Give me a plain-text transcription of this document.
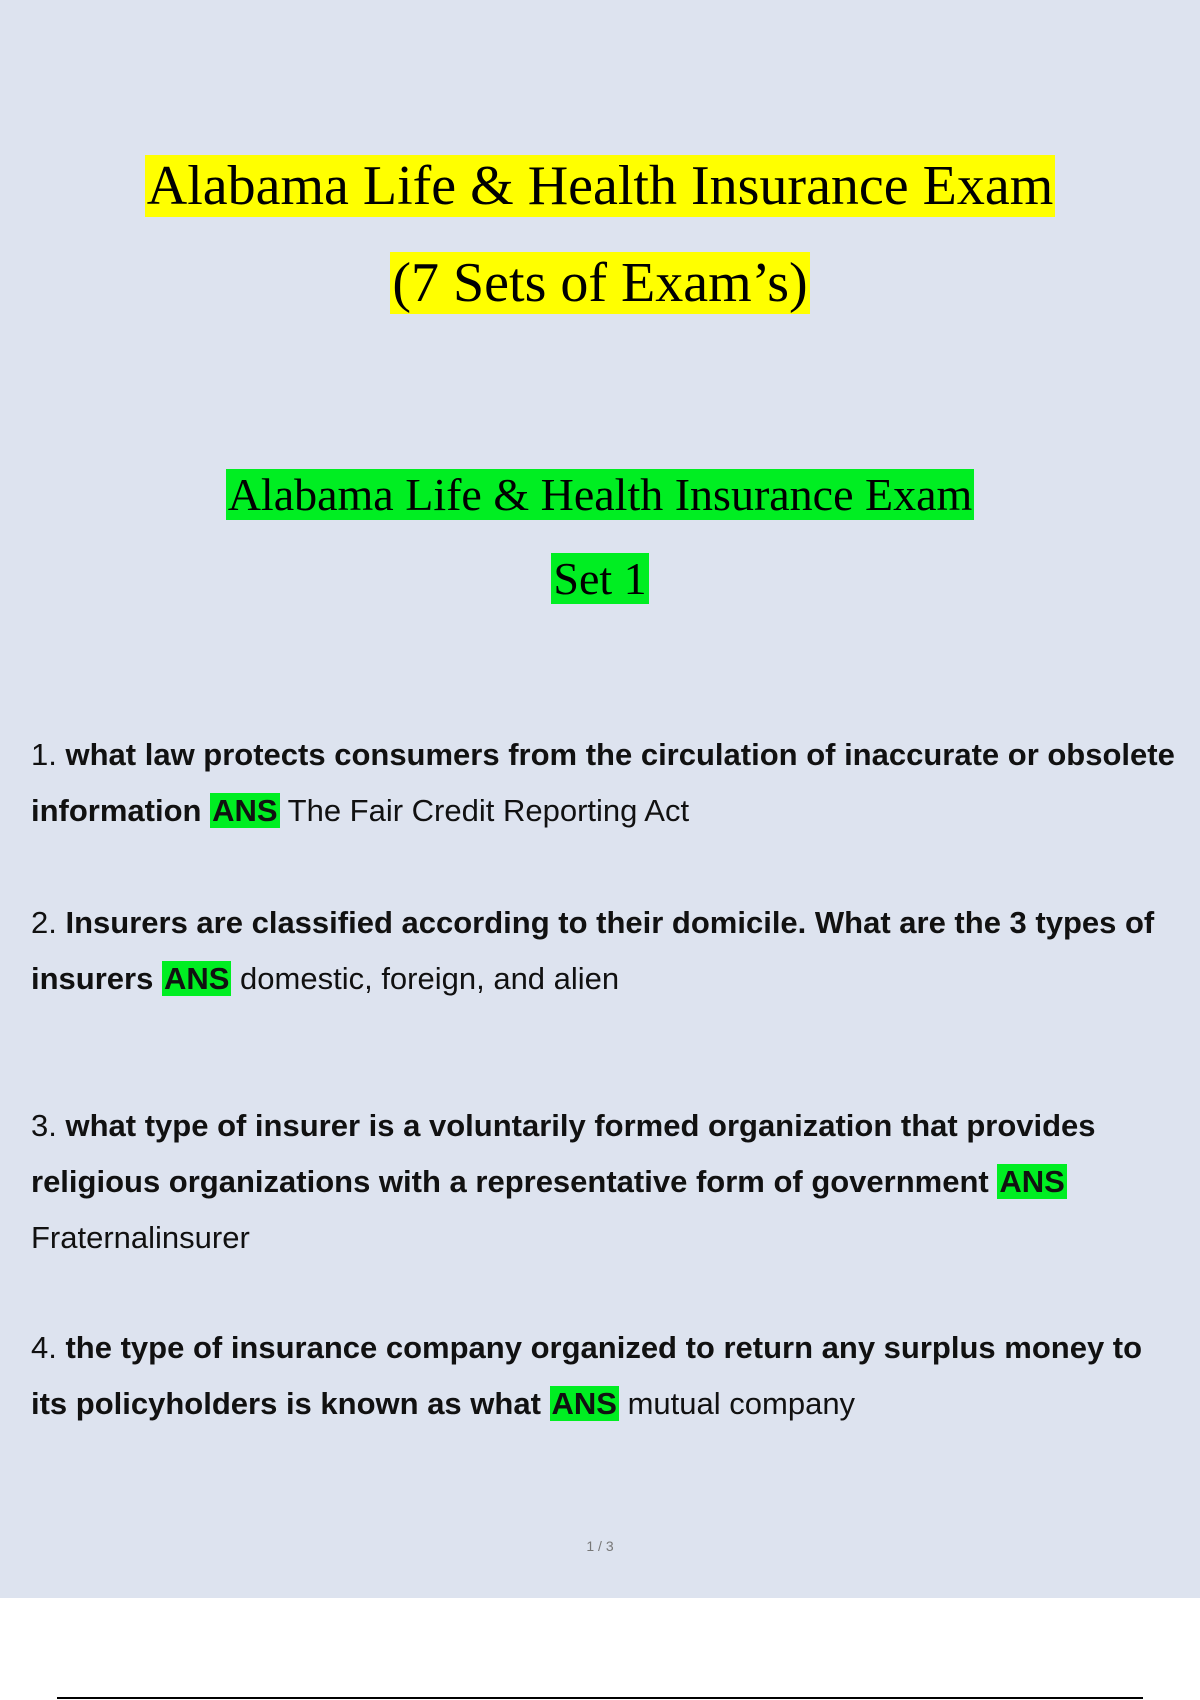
Alabama Life & Health Insurance Exam
(7 Sets of Exam’s)
Alabama Life & Health Insurance Exam
Set 1
1. what law protects consumers from the circulation of inaccurate or obsolete
information ANS The Fair Credit Reporting Act
2. Insurers are classified according to their domicile. What are the 3 types of
insurers ANS domestic, foreign, and alien
3. what type of insurer is a voluntarily formed organization that provides
religious organizations with a representative form of government ANS
Fraternalinsurer
4. the type of insurance company organized to return any surplus money to
its policyholders is known as what ANS mutual company
1 / 3
